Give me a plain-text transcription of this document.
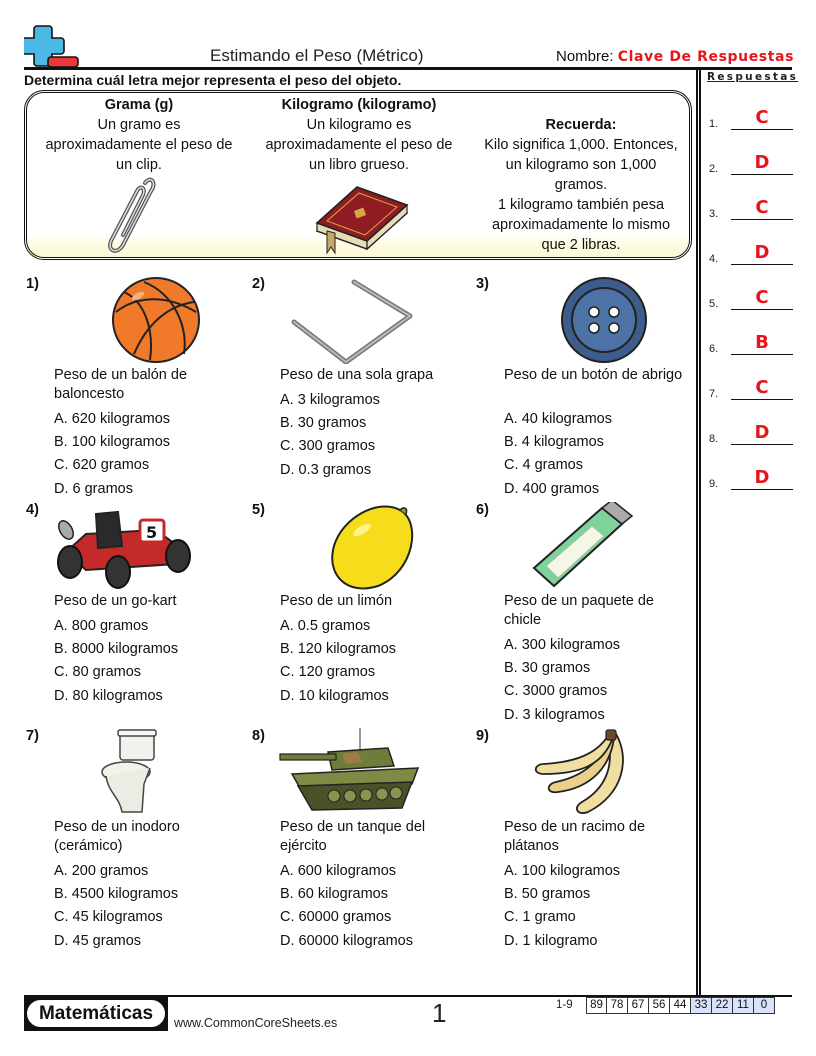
Estimando el Peso (Métrico)	Nombre: Clave De Respuestas
Determina cuál letra mejor representa el peso del objeto.	Respuestas
Grama (g)
Un gramo es
aproximadamente el peso de
un clip.
Kilogramo (kilogramo)
Un kilogramo es
aproximadamente el peso de
un libro grueso.
Recuerda:
Kilo significa 1,000. Entonces,
un kilogramo son 1,000
gramos.
1 kilogramo también pesa
aproximadamente lo mismo
que 2 libras.
1)
Peso de un balón de baloncesto
A. 620 kilogramos
B. 100 kilogramos
C. 620 gramos
D. 6 gramos
2)
Peso de una sola grapa
A. 3 kilogramos
B. 30 gramos
C. 300 gramos
D. 0.3 gramos
3)
Peso de un botón de abrigo
A. 40 kilogramos
B. 4 kilogramos
C. 4 gramos
D. 400 gramos
4)
5
Peso de un go-kart
A. 800 gramos
B. 8000 kilogramos
C. 80 gramos
D. 80 kilogramos
5)
Peso de un limón
A. 0.5 gramos
B. 120 kilogramos
C. 120 gramos
D. 10 kilogramos
6)
Peso de un paquete de chicle
A. 300 kilogramos
B. 30 gramos
C. 3000 gramos
D. 3 kilogramos
7)
Peso de un inodoro (cerámico)
A. 200 gramos
B. 4500 kilogramos
C. 45 kilogramos
D. 45 gramos
8)
Peso de un tanque del ejército
A. 600 kilogramos
B. 60 kilogramos
C. 60000 gramos
D. 60000 kilogramos
9)
Peso de un racimo de plátanos
A. 100 kilogramos
B. 50 gramos
C. 1 gramo
D. 1 kilogramo
1.	C
2.	D
3.	C
4.	D
5.	C
6.	B
7.	C
8.	D
9.	D
Matemáticas	www.CommonCoreSheets.es	1	1-9	89 78 67 56 44 33 22 11	0
